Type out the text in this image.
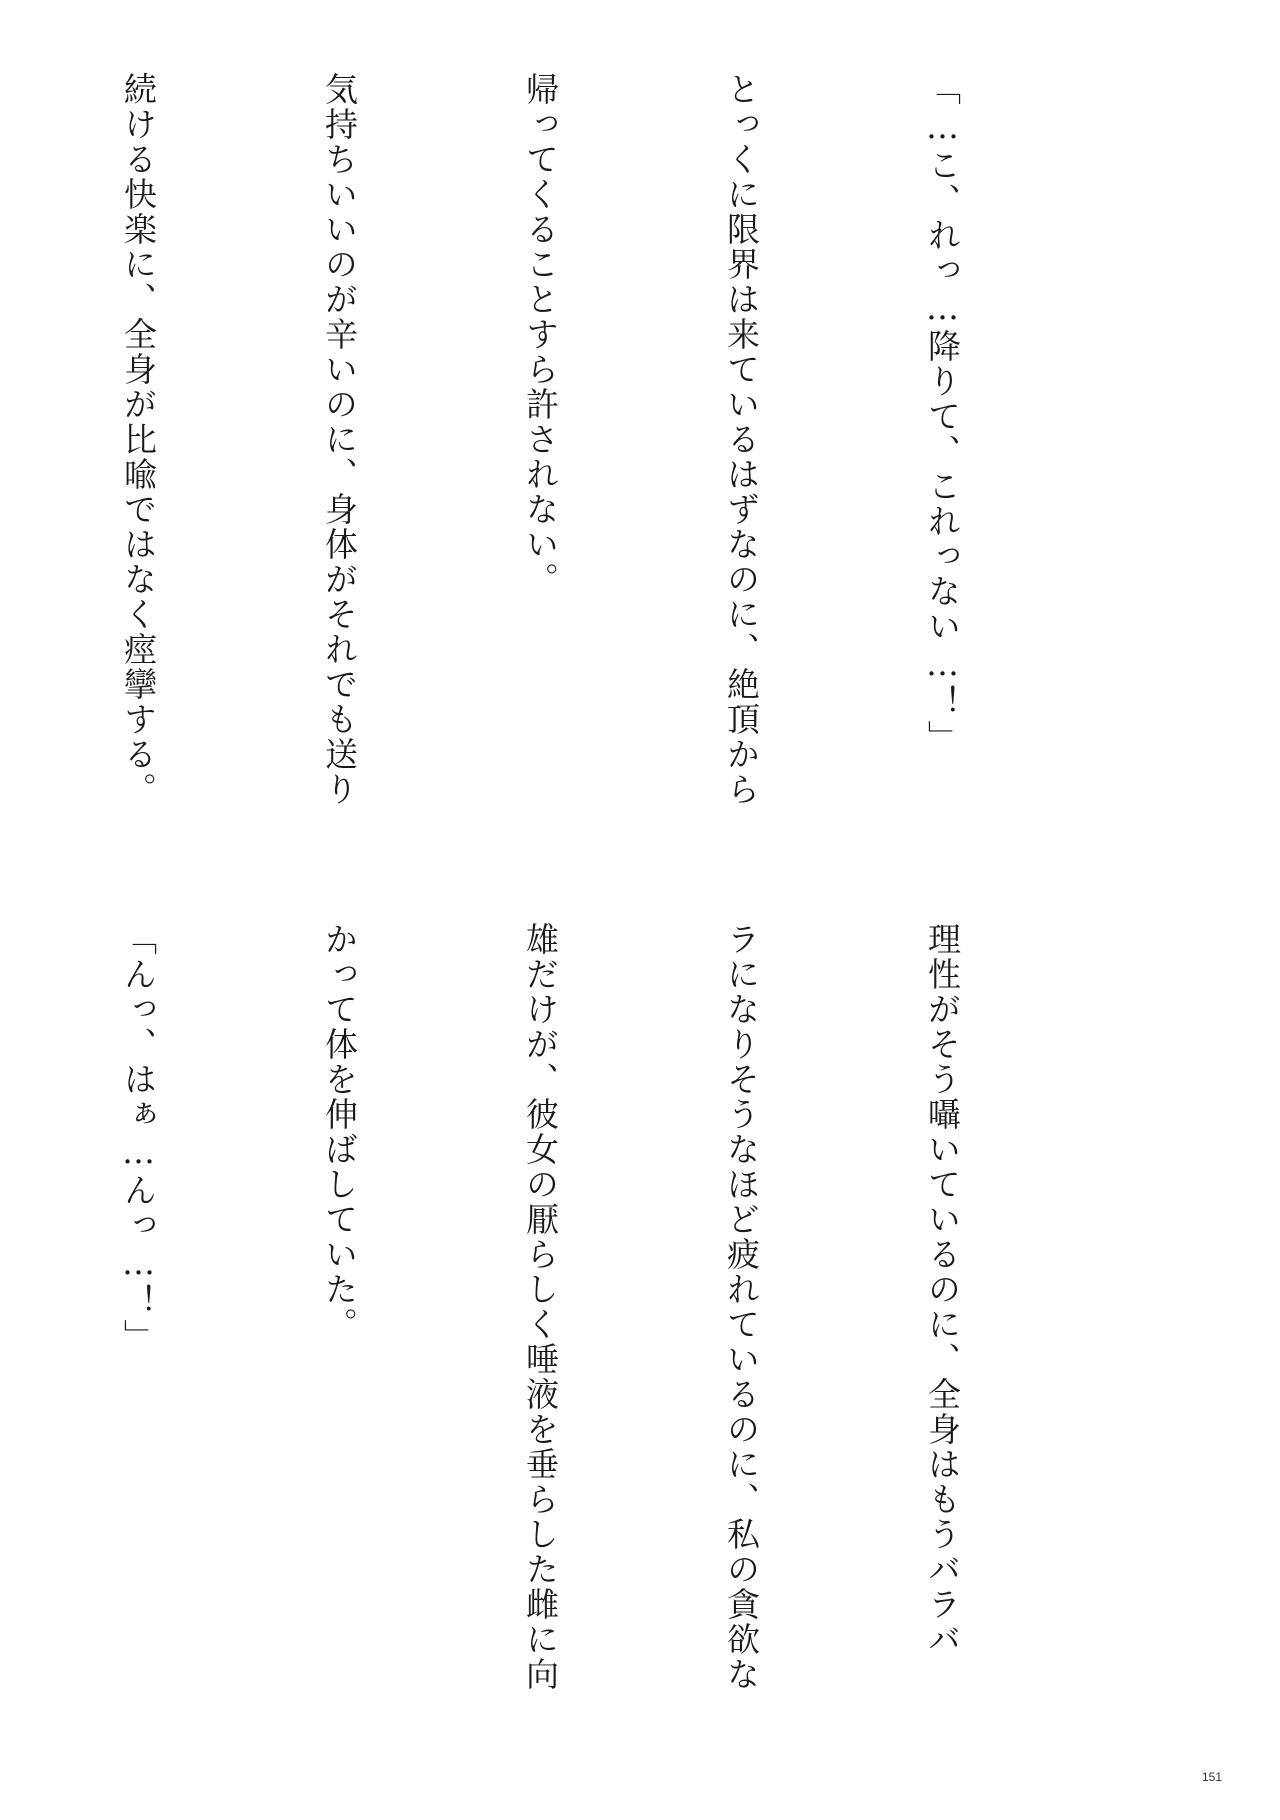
「…こ、れっ…降りて、これっない…！」

とっくに限界は来ているはずなのに、絶頂から

帰ってくることすら許されない。

気持ちいいのが辛いのに、身体がそれでも送り

続ける快楽に、全身が比喩ではなく痙攣する。

理性がそう囁いているのに、全身はもうバラバ

ラになりそうなほど疲れているのに、私の貪欲な

雄だけが、彼女の厭らしく唾液を垂らした雌に向

かって体を伸ばしていた。

「んっ、はぁ…んっ…！」

151
